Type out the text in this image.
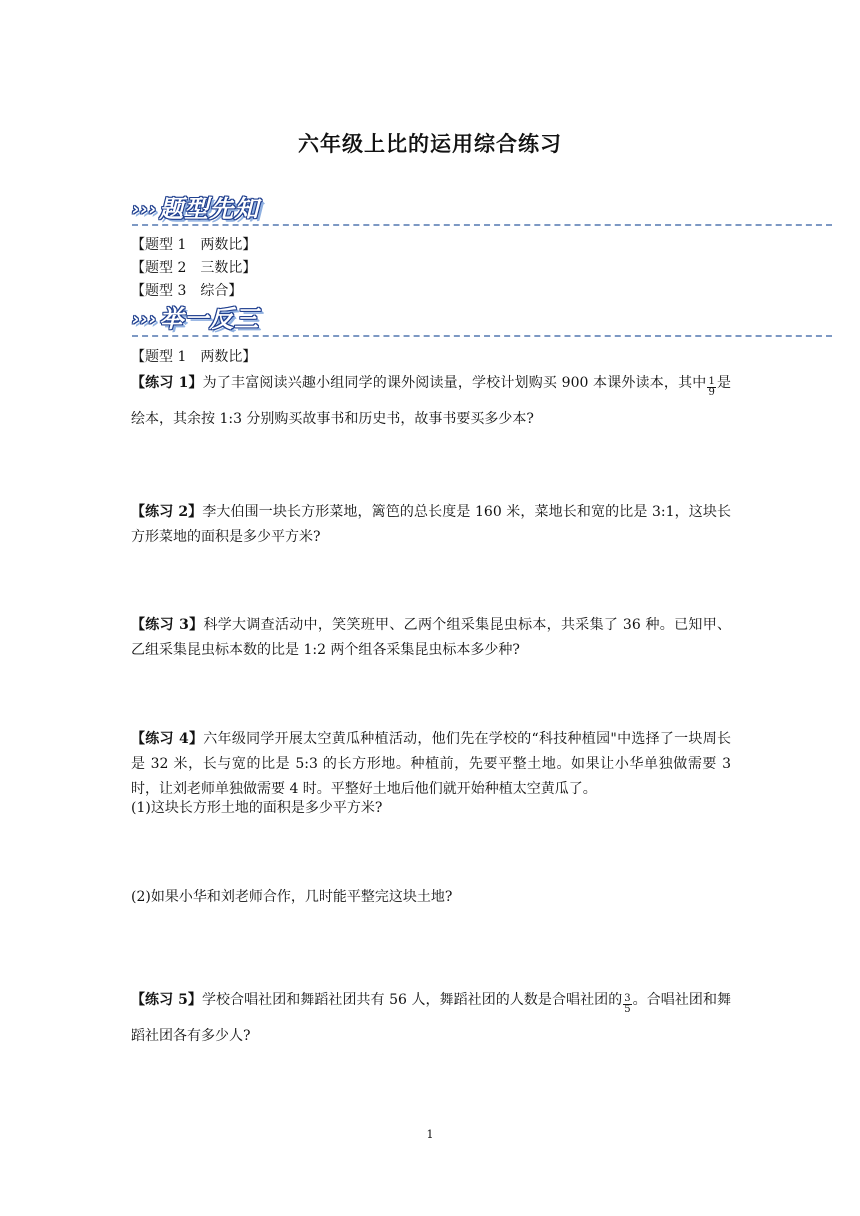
六年级上比的运用综合练习
›››题型先知
【题型 1　两数比】
【题型 2　三数比】
【题型 3　综合】
›››举一反三
【题型 1　两数比】
【练习 1】为了丰富阅读兴趣小组同学的课外阅读量，学校计划购买 900 本课外读本，其中 $\frac{1}{9}$ 是绘本，其余按 1:3 分别购买故事书和历史书，故事书要买多少本?
【练习 2】李大伯围一块长方形菜地，篱笆的总长度是 160 米，菜地长和宽的比是 3:1，这块长方形菜地的面积是多少平方米?
【练习 3】科学大调查活动中，笑笑班甲、乙两个组采集昆虫标本，共采集了 36 种。已知甲、乙组采集昆虫标本数的比是 1:2 两个组各采集昆虫标本多少种?
【练习 4】六年级同学开展太空黄瓜种植活动，他们先在学校的“科技种植园"中选择了一块周长是 32 米，长与宽的比是 5:3 的长方形地。种植前，先要平整土地。如果让小华单独做需要 3 时，让刘老师单独做需要 4 时。平整好土地后他们就开始种植太空黄瓜了。
(1)这块长方形土地的面积是多少平方米?
(2)如果小华和刘老师合作，几时能平整完这块土地?
【练习 5】学校合唱社团和舞蹈社团共有 56 人，舞蹈社团的人数是合唱社团的 $\frac{3}{5}$ 。合唱社团和舞蹈社团各有多少人?
1
